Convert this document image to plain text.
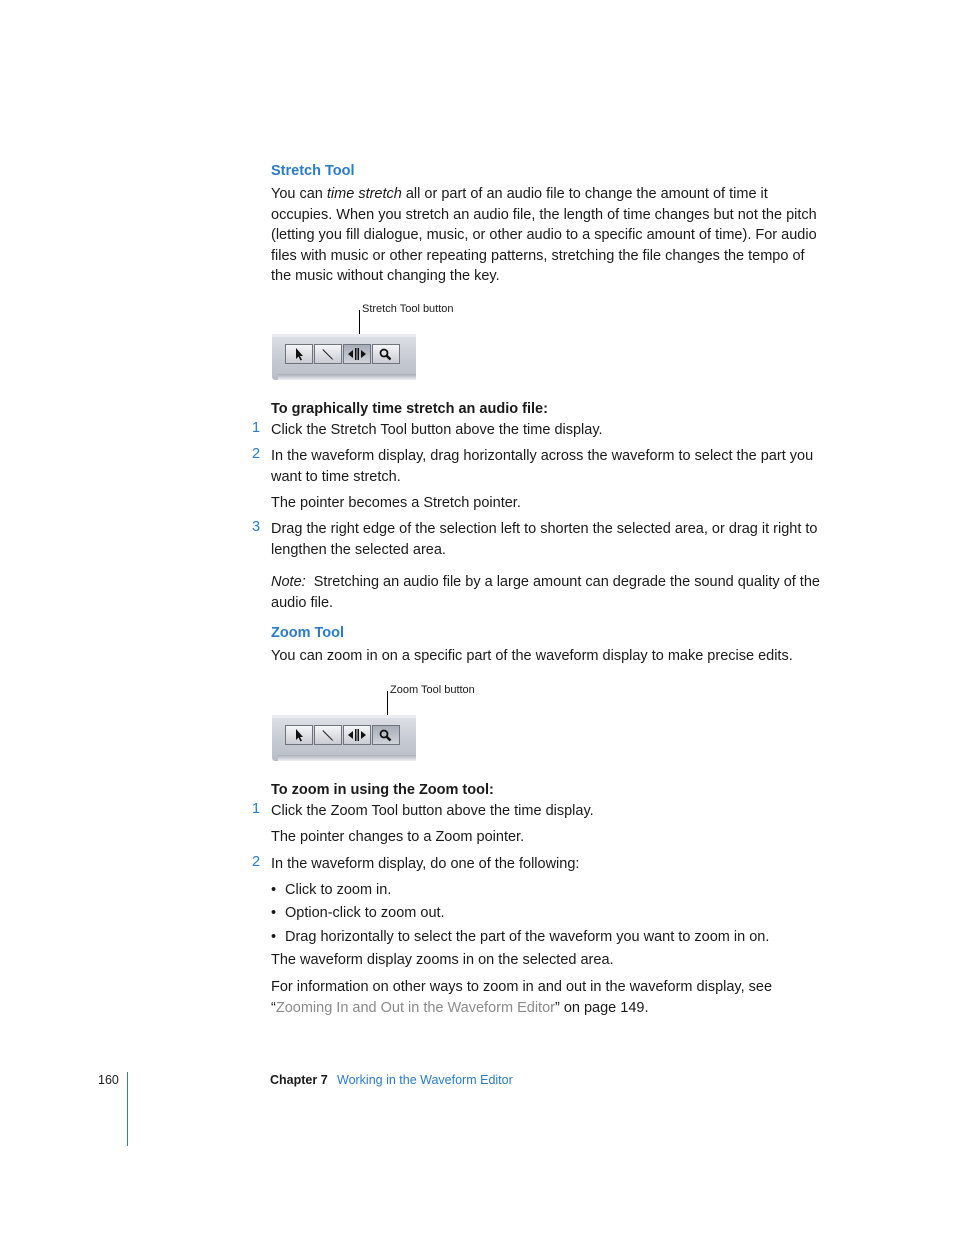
Stretch Tool
You can time stretch all or part of an audio file to change the amount of time it
occupies. When you stretch an audio file, the length of time changes but not the pitch
(letting you fill dialogue, music, or other audio to a specific amount of time). For audio
files with music or other repeating patterns, stretching the file changes the tempo of
the music without changing the key.
Stretch Tool button
To graphically time stretch an audio file:
1 Click the Stretch Tool button above the time display.
2 In the waveform display, drag horizontally across the waveform to select the part you
want to time stretch.
The pointer becomes a Stretch pointer.
3 Drag the right edge of the selection left to shorten the selected area, or drag it right to
lengthen the selected area.
Note: Stretching an audio file by a large amount can degrade the sound quality of the
audio file.
Zoom Tool
You can zoom in on a specific part of the waveform display to make precise edits.
Zoom Tool button
To zoom in using the Zoom tool:
1 Click the Zoom Tool button above the time display.
The pointer changes to a Zoom pointer.
2 In the waveform display, do one of the following:
• Click to zoom in.
• Option-click to zoom out.
• Drag horizontally to select the part of the waveform you want to zoom in on.
The waveform display zooms in on the selected area.
For information on other ways to zoom in and out in the waveform display, see
“Zooming In and Out in the Waveform Editor” on page 149.
160	Chapter 7 Working in the Waveform Editor
